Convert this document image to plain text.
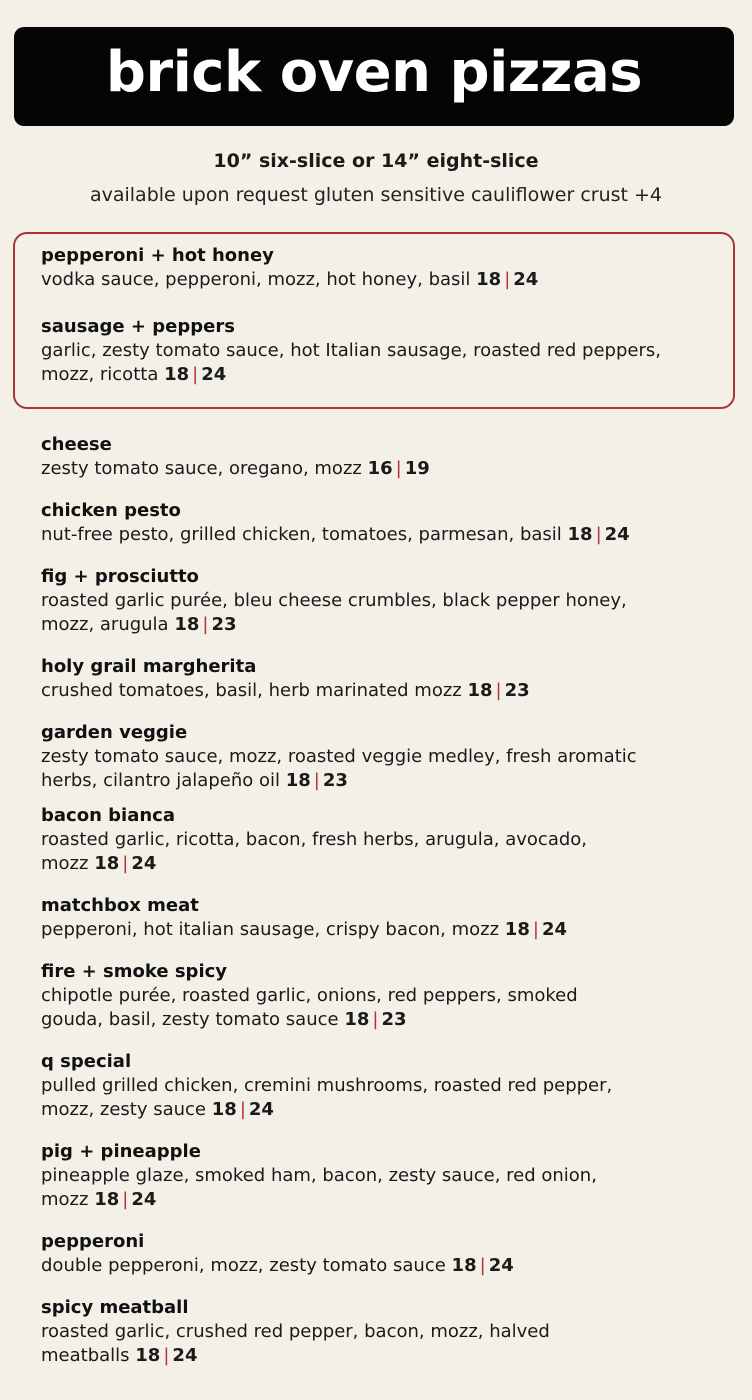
brick oven pizzas
10” six-slice or 14” eight-slice
available upon request gluten sensitive cauliflower crust +4
pepperoni + hot honey
vodka sauce, pepperoni, mozz, hot honey, basil 18 | 24
sausage + peppers
garlic, zesty tomato sauce, hot Italian sausage, roasted red peppers,
mozz, ricotta 18 | 24
cheese
zesty tomato sauce, oregano, mozz 16 | 19
chicken pesto
nut-free pesto, grilled chicken, tomatoes, parmesan, basil 18 | 24
fig + prosciutto
roasted garlic purée, bleu cheese crumbles, black pepper honey,
mozz, arugula 18 | 23
holy grail margherita
crushed tomatoes, basil, herb marinated mozz 18 | 23
garden veggie
zesty tomato sauce, mozz, roasted veggie medley, fresh aromatic
herbs, cilantro jalapeño oil 18 | 23
bacon bianca
roasted garlic, ricotta, bacon, fresh herbs, arugula, avocado,
mozz 18 | 24
matchbox meat
pepperoni, hot italian sausage, crispy bacon, mozz 18 | 24
fire + smoke spicy
chipotle purée, roasted garlic, onions, red peppers, smoked
gouda, basil, zesty tomato sauce 18 | 23
q special
pulled grilled chicken, cremini mushrooms, roasted red pepper,
mozz, zesty sauce 18 | 24
pig + pineapple
pineapple glaze, smoked ham, bacon, zesty sauce, red onion,
mozz 18 | 24
pepperoni
double pepperoni, mozz, zesty tomato sauce 18 | 24
spicy meatball
roasted garlic, crushed red pepper, bacon, mozz, halved
meatballs 18 | 24
